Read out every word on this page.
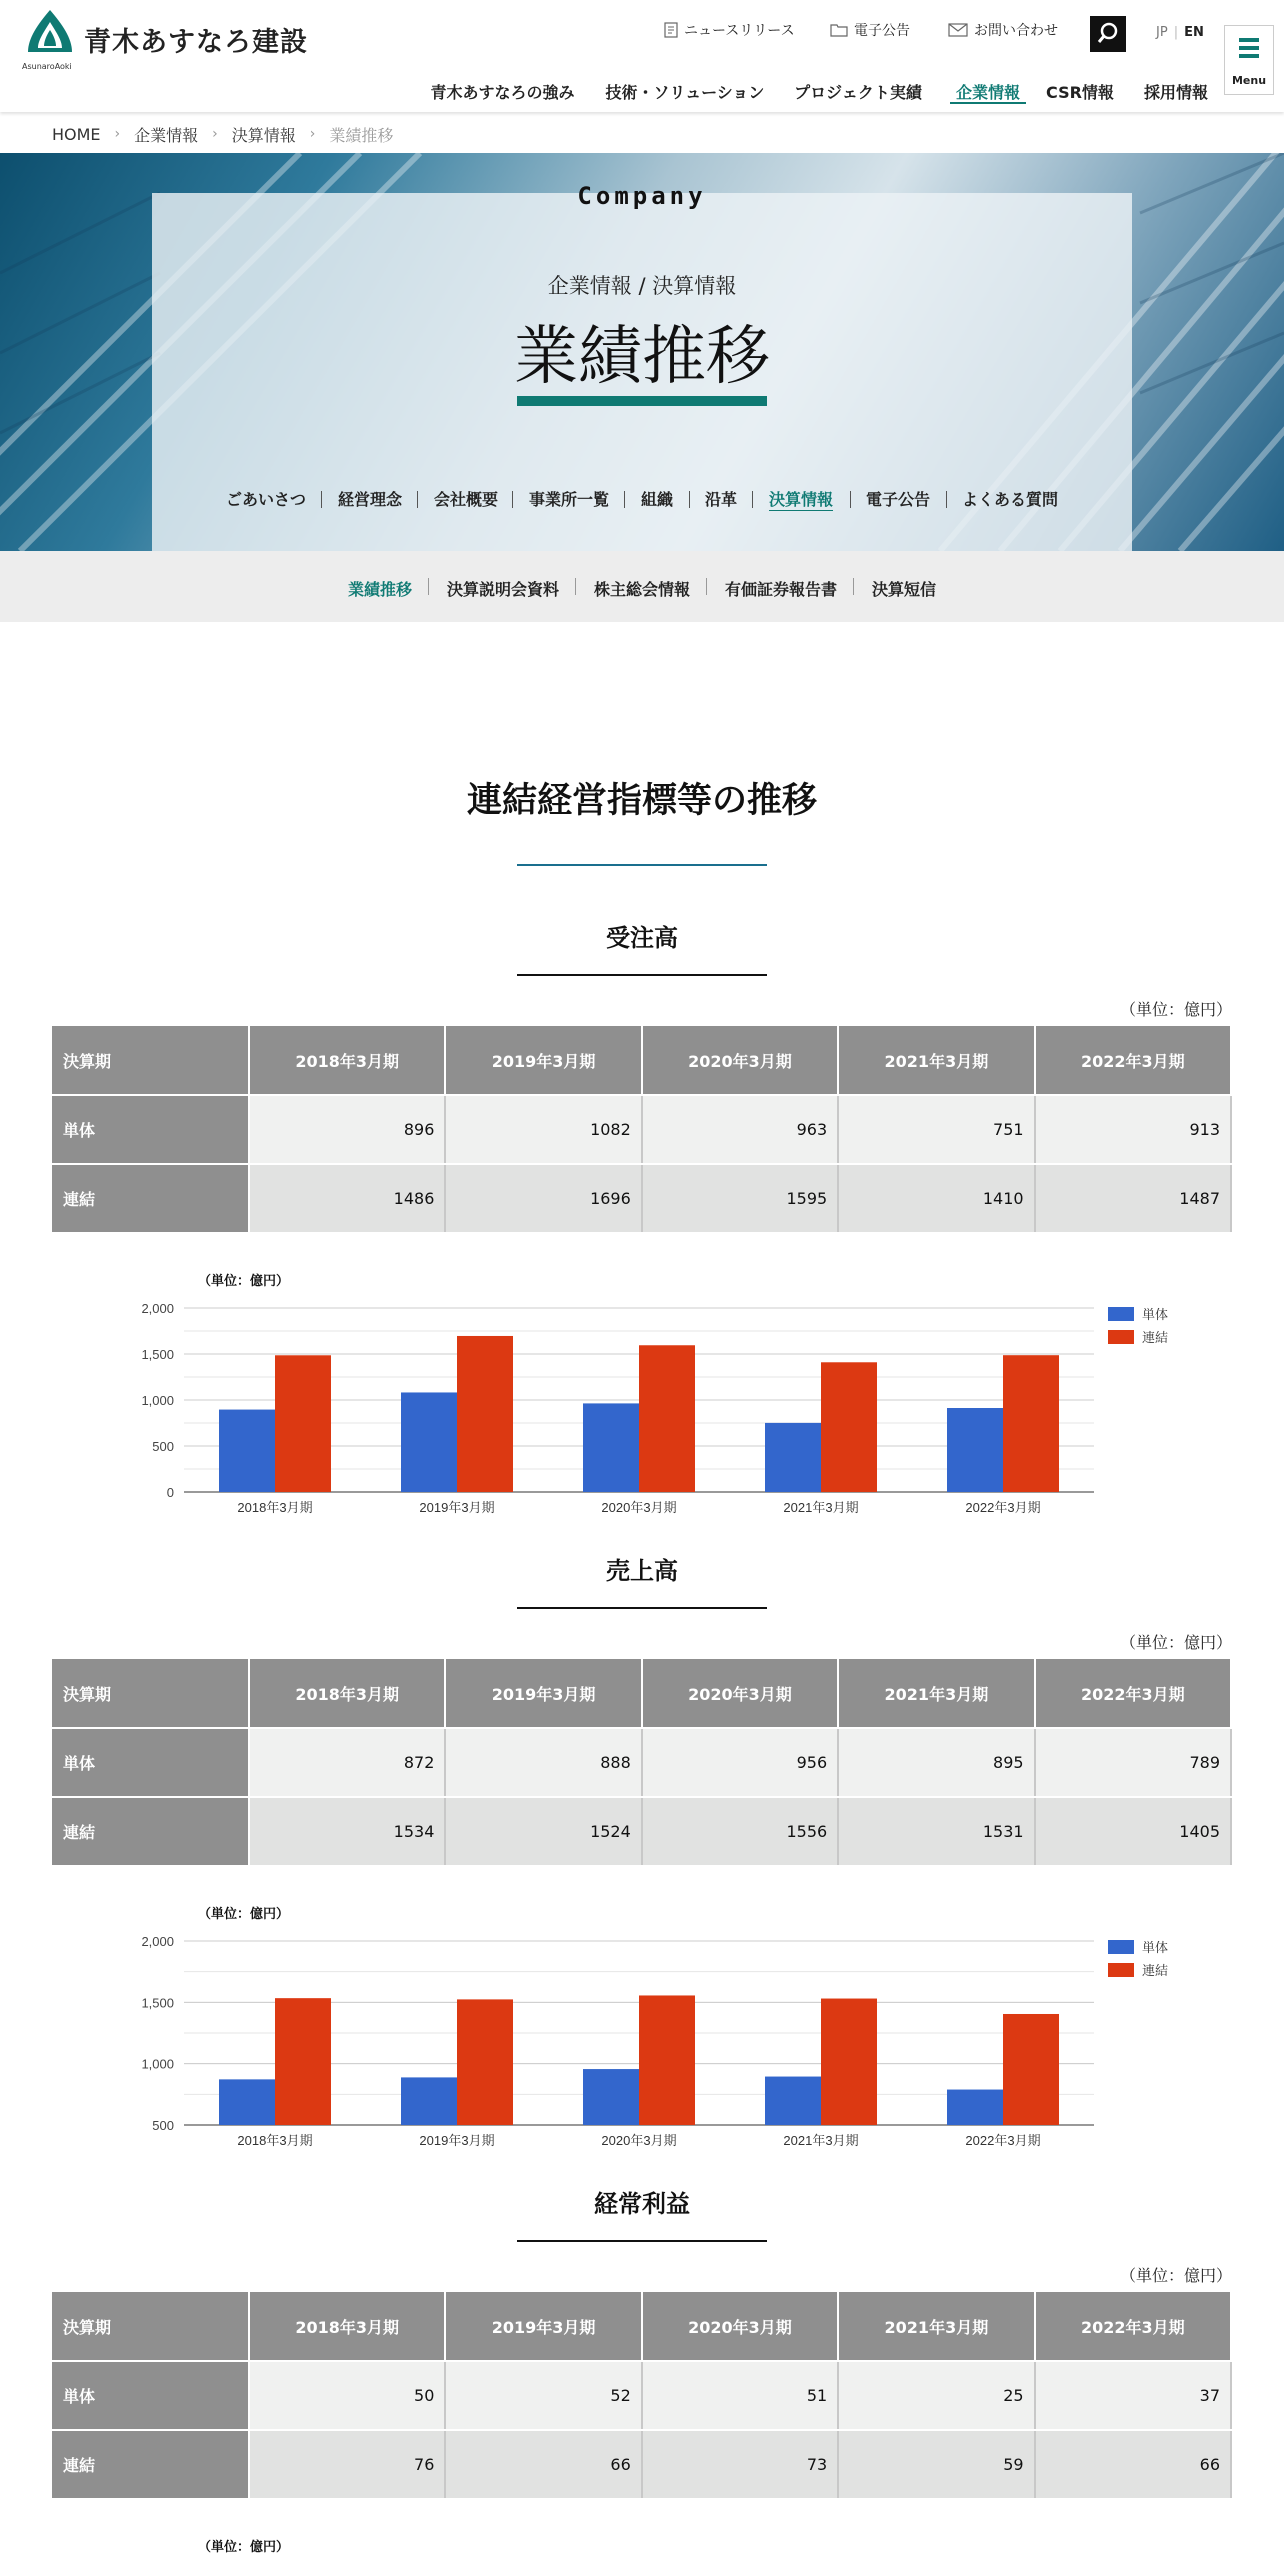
青木あすなろ建設
AsunaroAoki
ニュースリリース	電子公告	お問い合わせ	JP | EN
Menu
青木あすなろの強み 技術・ソリューション プロジェクト実績	企業情報	CSR情報 採用情報
HOME › 企業情報 › 決算情報 › 業績推移
Company
企業情報 / 決算情報
業績推移
ごあいさつ 経営理念 会社概要 事業所一覧 組織 沿革 決算情報 電子公告 よくある質問
業績推移 決算説明会資料 株主総会情報 有価証券報告書 決算短信
連結経営指標等の推移
受注高
（単位：億円）
決算期	2018年3月期	2019年3月期	2020年3月期	2021年3月期	2022年3月期
単体	896	1082	963	751	913
連結	1486	1696	1595	1410	1487
（単位：億円）
0
500
1,000
1,500
2,000
2018年3月期	2019年3月期	2020年3月期	2021年3月期	2022年3月期
単体
連結
売上高
（単位：億円）
決算期	2018年3月期	2019年3月期	2020年3月期	2021年3月期	2022年3月期
単体	872	888	956	895	789
連結	1534	1524	1556	1531	1405
（単位：億円）
500
1,000
1,500
2,000
2018年3月期	2019年3月期	2020年3月期	2021年3月期	2022年3月期
単体
連結
経常利益
（単位：億円）
決算期	2018年3月期	2019年3月期	2020年3月期	2021年3月期	2022年3月期
単体	50	52	51	25	37
連結	76	66	73	59	66
（単位：億円）
